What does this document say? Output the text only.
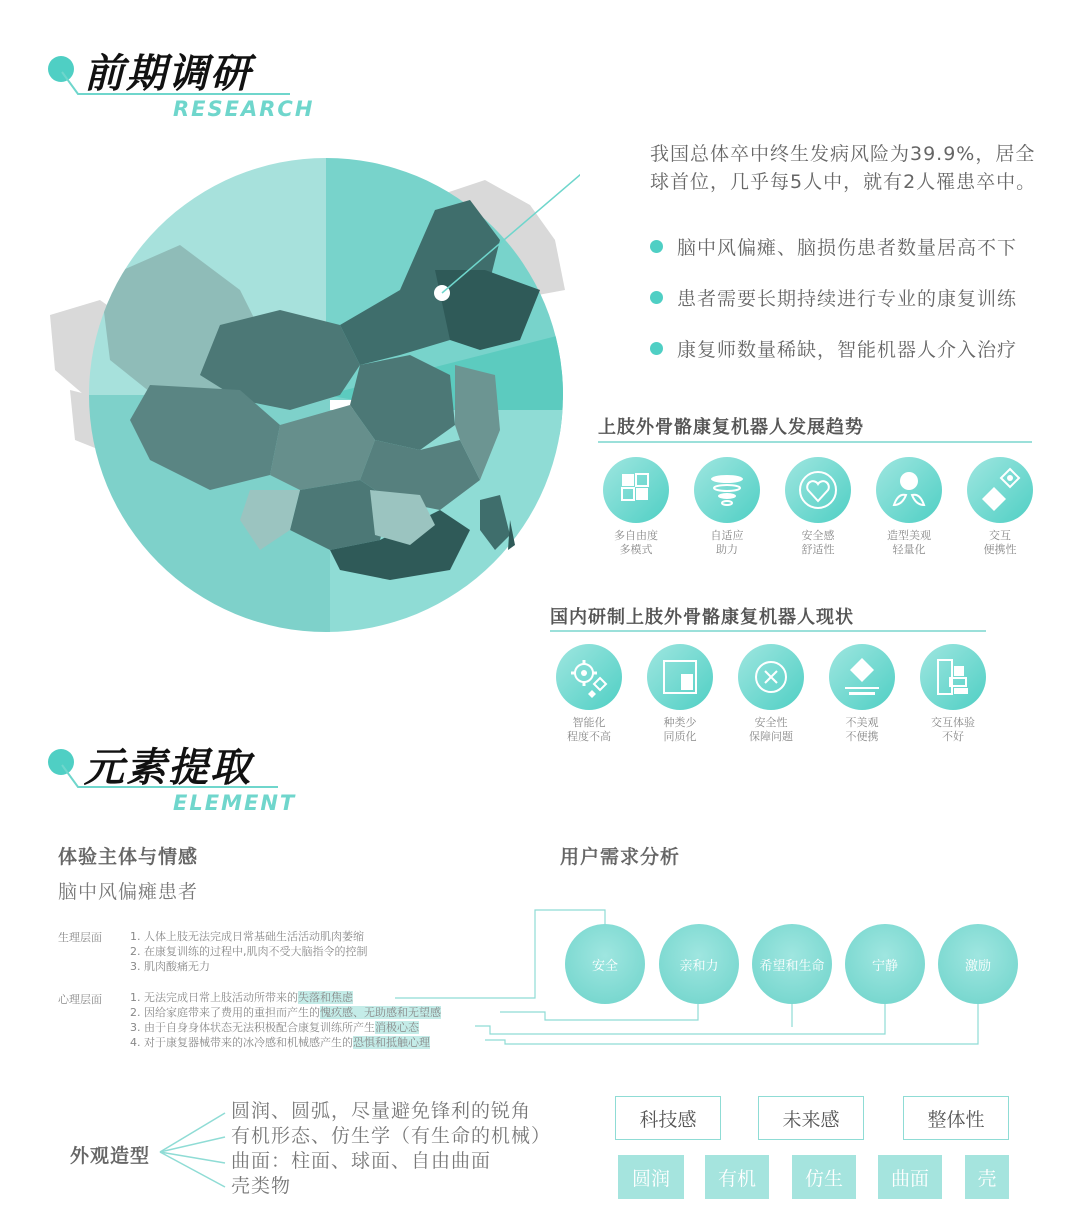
前期调研
RESEARCH
我国总体卒中终生发病风险为39.9%，居全球首位，几乎每5人中，就有2人罹患卒中。
脑中风偏瘫、脑损伤患者数量居高不下
患者需要长期持续进行专业的康复训练
康复师数量稀缺，智能机器人介入治疗
上肢外骨骼康复机器人发展趋势
多自由度
多模式
自适应
助力
安全感
舒适性
造型美观
轻量化
交互
便携性
国内研制上肢外骨骼康复机器人现状
智能化
程度不高
种类少
同质化
安全性
保障问题
不美观
不便携
交互体验
不好
元素提取
ELEMENT
体验主体与情感
脑中风偏瘫患者
生理层面	1. 人体上肢无法完成日常基础生活活动肌肉萎缩
2. 在康复训练的过程中,肌肉不受大脑指令的控制
3. 肌肉酸痛无力
心理层面	1. 无法完成日常上肢活动所带来的失落和焦虑
2. 因给家庭带来了费用的重担而产生的愧疚感、无助感和无望感
3. 由于自身身体状态无法积极配合康复训练所产生消极心态
4. 对于康复器械带来的冰冷感和机械感产生的恐惧和抵触心理
用户需求分析
安全	亲和力	希望和生命	宁静	激励
外观造型
圆润、圆弧，尽量避免锋利的锐角
有机形态、仿生学（有生命的机械）
曲面：柱面、球面、自由曲面
壳类物
科技感	未来感	整体性
圆润	有机	仿生	曲面	壳
